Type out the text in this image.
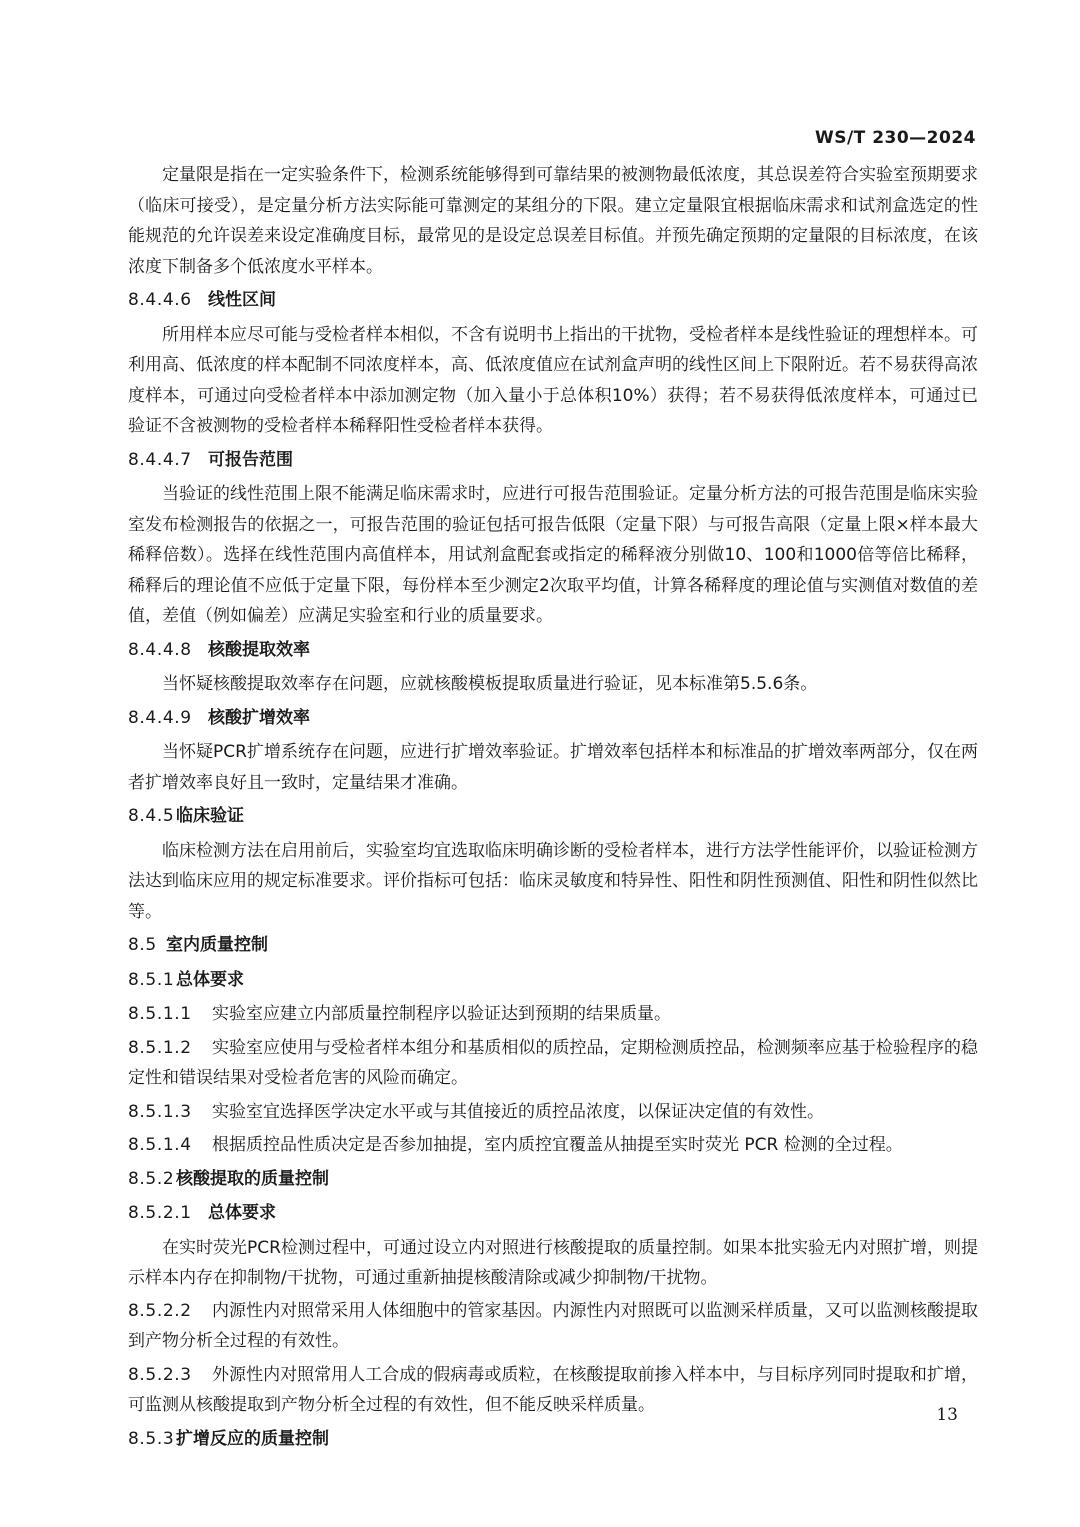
WS/T 230—2024

定量限是指在一定实验条件下，检测系统能够得到可靠结果的被测物最低浓度，其总误差符合实验室预期要求（临床可接受），是定量分析方法实际能可靠测定的某组分的下限。建立定量限宜根据临床需求和试剂盒选定的性能规范的允许误差来设定准确度目标，最常见的是设定总误差目标值。并预先确定预期的定量限的目标浓度，在该浓度下制备多个低浓度水平样本。

8.4.4.6 线性区间

所用样本应尽可能与受检者样本相似，不含有说明书上指出的干扰物，受检者样本是线性验证的理想样本。可利用高、低浓度的样本配制不同浓度样本，高、低浓度值应在试剂盒声明的线性区间上下限附近。若不易获得高浓度样本，可通过向受检者样本中添加测定物（加入量小于总体积10%）获得；若不易获得低浓度样本，可通过已验证不含被测物的受检者样本稀释阳性受检者样本获得。

8.4.4.7 可报告范围

当验证的线性范围上限不能满足临床需求时，应进行可报告范围验证。定量分析方法的可报告范围是临床实验室发布检测报告的依据之一，可报告范围的验证包括可报告低限（定量下限）与可报告高限（定量上限×样本最大稀释倍数）。选择在线性范围内高值样本，用试剂盒配套或指定的稀释液分别做10、100和1000倍等倍比稀释，稀释后的理论值不应低于定量下限，每份样本至少测定2次取平均值，计算各稀释度的理论值与实测值对数值的差值，差值（例如偏差）应满足实验室和行业的质量要求。

8.4.4.8 核酸提取效率

当怀疑核酸提取效率存在问题，应就核酸模板提取质量进行验证，见本标准第5.5.6条。

8.4.4.9 核酸扩增效率

当怀疑PCR扩增系统存在问题，应进行扩增效率验证。扩增效率包括样本和标准品的扩增效率两部分，仅在两者扩增效率良好且一致时，定量结果才准确。

8.4.5 临床验证

临床检测方法在启用前后，实验室均宜选取临床明确诊断的受检者样本，进行方法学性能评价，以验证检测方法达到临床应用的规定标准要求。评价指标可包括：临床灵敏度和特异性、阳性和阴性预测值、阳性和阴性似然比等。

8.5 室内质量控制
8.5.1 总体要求
8.5.1.1 实验室应建立内部质量控制程序以验证达到预期的结果质量。
8.5.1.2 实验室应使用与受检者样本组分和基质相似的质控品，定期检测质控品，检测频率应基于检验程序的稳定性和错误结果对受检者危害的风险而确定。
8.5.1.3 实验室宜选择医学决定水平或与其值接近的质控品浓度，以保证决定值的有效性。
8.5.1.4 根据质控品性质决定是否参加抽提，室内质控宜覆盖从抽提至实时荧光 PCR 检测的全过程。
8.5.2 核酸提取的质量控制
8.5.2.1 总体要求

在实时荧光PCR检测过程中，可通过设立内对照进行核酸提取的质量控制。如果本批实验无内对照扩增，则提示样本内存在抑制物/干扰物，可通过重新抽提核酸清除或减少抑制物/干扰物。

8.5.2.2 内源性内对照常采用人体细胞中的管家基因。内源性内对照既可以监测采样质量，又可以监测核酸提取到产物分析全过程的有效性。
8.5.2.3 外源性内对照常用人工合成的假病毒或质粒，在核酸提取前掺入样本中，与目标序列同时提取和扩增，可监测从核酸提取到产物分析全过程的有效性，但不能反映采样质量。
8.5.3 扩增反应的质量控制
13
